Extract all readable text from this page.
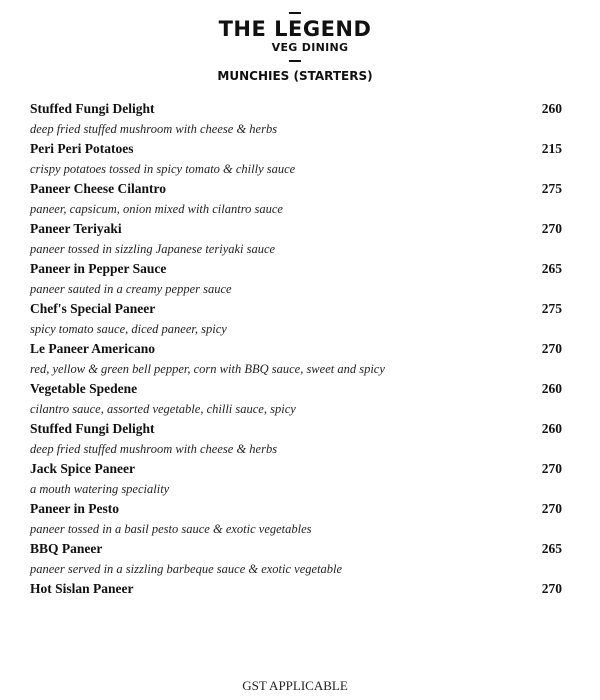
THE LEGEND
VEG DINING
MUNCHIES (STARTERS)
Stuffed Fungi Delight	260
deep fried stuffed mushroom with cheese & herbs
Peri Peri Potatoes	215
crispy potatoes tossed in spicy tomato & chilly sauce
Paneer Cheese Cilantro	275
paneer, capsicum, onion mixed with cilantro sauce
Paneer Teriyaki	270
paneer tossed in sizzling Japanese teriyaki sauce
Paneer in Pepper Sauce	265
paneer sauted in a creamy pepper sauce
Chef's Special Paneer	275
spicy tomato sauce, diced paneer, spicy
Le Paneer Americano	270
red, yellow & green bell pepper, corn with BBQ sauce, sweet and spicy
Vegetable Spedene	260
cilantro sauce, assorted vegetable, chilli sauce, spicy
Stuffed Fungi Delight	260
deep fried stuffed mushroom with cheese & herbs
Jack Spice Paneer	270
a mouth watering speciality
Paneer in Pesto	270
paneer tossed in a basil pesto sauce & exotic vegetables
BBQ Paneer	265
paneer served in a sizzling barbeque sauce & exotic vegetable
Hot Sislan Paneer	270
GST APPLICABLE
